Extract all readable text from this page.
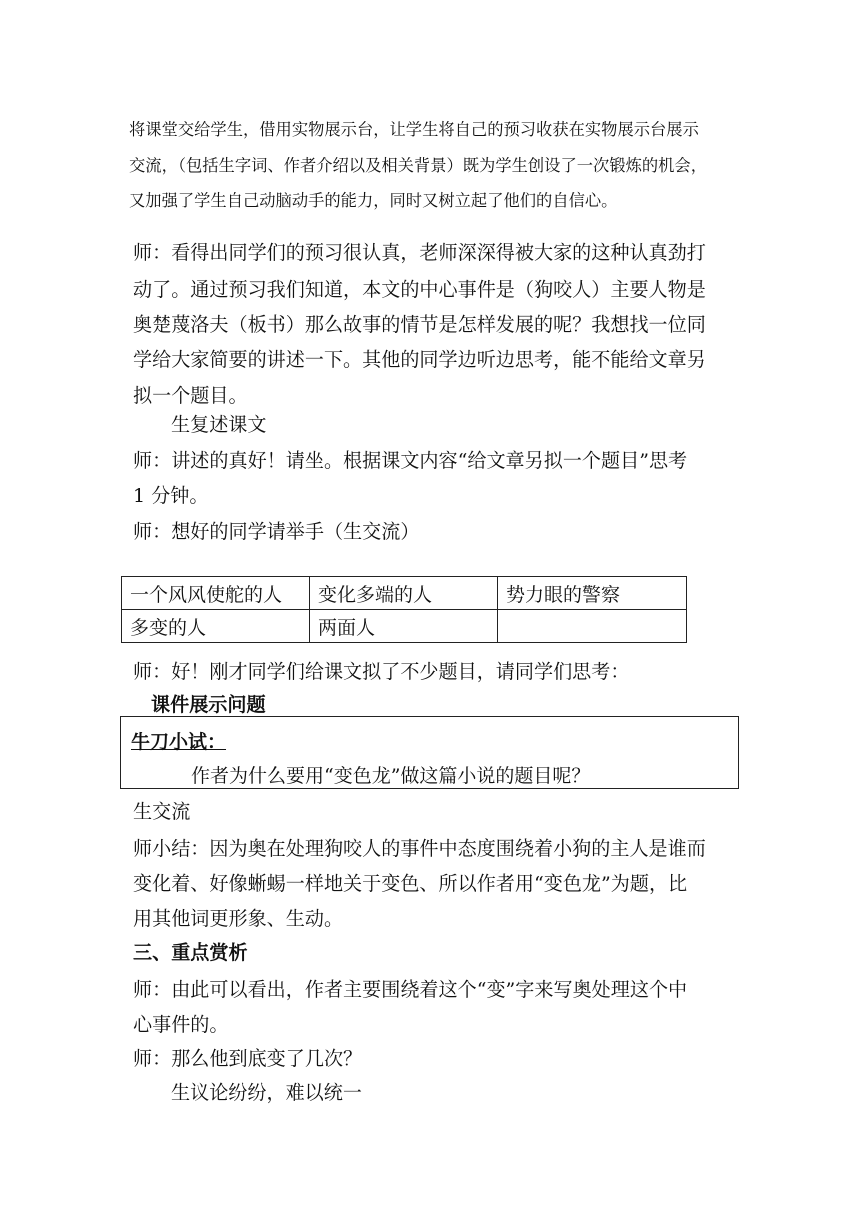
将课堂交给学生，借用实物展示台，让学生将自己的预习收获在实物展示台展示
交流，（包括生字词、作者介绍以及相关背景）既为学生创设了一次锻炼的机会，
又加强了学生自己动脑动手的能力，同时又树立起了他们的自信心。
师：看得出同学们的预习很认真，老师深深得被大家的这种认真劲打
动了。通过预习我们知道，本文的中心事件是（狗咬人）主要人物是
奥楚蔑洛夫（板书）那么故事的情节是怎样发展的呢？我想找一位同
学给大家简要的讲述一下。其他的同学边听边思考，能不能给文章另
拟一个题目。
生复述课文
师：讲述的真好！请坐。根据课文内容“给文章另拟一个题目”思考
1 分钟。
师：想好的同学请举手（生交流）
一个风风使舵的人	变化多端的人	势力眼的警察
多变的人	两面人	
师：好！刚才同学们给课文拟了不少题目，请同学们思考：
课件展示问题
牛刀小试：
作者为什么要用“变色龙”做这篇小说的题目呢？
生交流
师小结：因为奥在处理狗咬人的事件中态度围绕着小狗的主人是谁而
变化着、好像蜥蜴一样地关于变色、所以作者用“变色龙”为题，比
用其他词更形象、生动。
三、重点赏析
师：由此可以看出，作者主要围绕着这个“变”字来写奥处理这个中
心事件的。
师：那么他到底变了几次？
生议论纷纷，难以统一
